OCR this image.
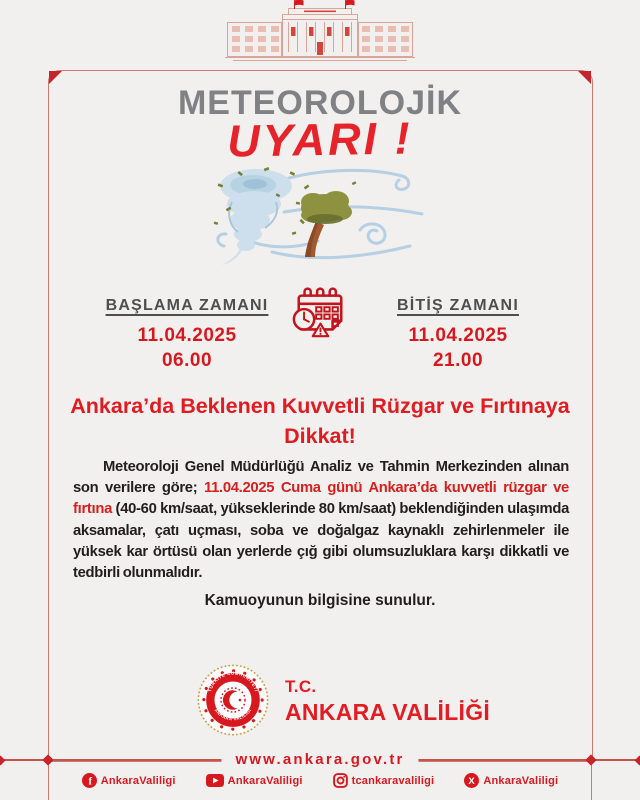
METEOROLOJİK
UYARI !
BAŞLAMA ZAMANI
11.04.2025
06.00
BİTİŞ ZAMANI
11.04.2025
21.00
Ankara’da Beklenen Kuvvetli Rüzgar ve Fırtınaya Dikkat!

Meteoroloji Genel Müdürlüğü Analiz ve Tahmin Merkezinden alınan son verilere göre; 11.04.2025 Cuma günü Ankara’da kuvvetli rüzgar ve fırtına (40-60 km/saat, yükseklerinde 80 km/saat) beklendiğinden ulaşımda aksamalar, çatı uçması, soba ve doğalgaz kaynaklı zehirlenmeler ile yüksek kar örtüsü olan yerlerde çığ gibi olumsuzluklara karşı dikkatli ve tedbirli olunmalıdır.

Kamuoyunun bilgisine sunulur.
TÜRKİYE CUMHURİYETİ
ANKARA VALİLİĞİ
T.C.
ANKARA VALİLİĞİ
www.ankara.gov.tr
f AnkaraValiligi	AnkaraValiligi	tcankaravaliligi	X AnkaraValiligi
